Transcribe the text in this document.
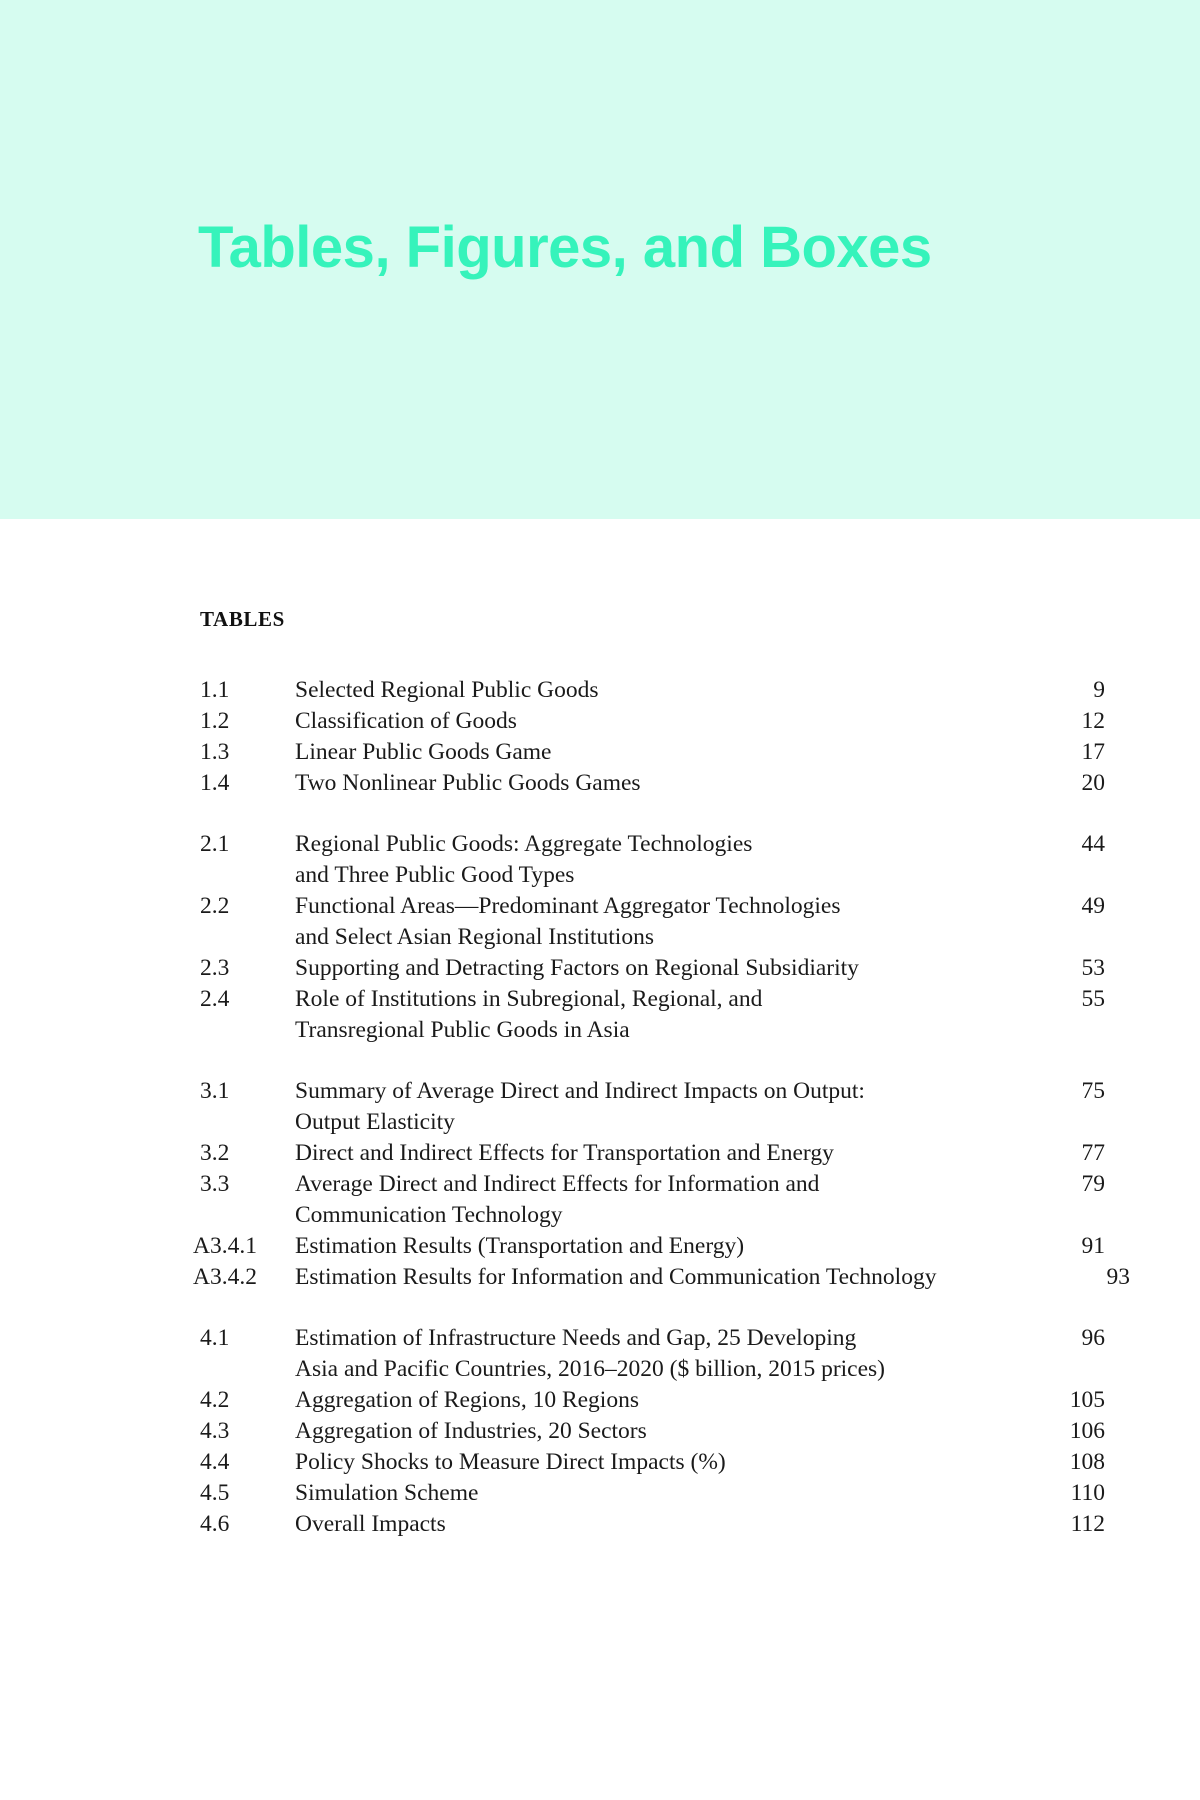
Tables, Figures, and Boxes
TABLES
1.1	Selected Regional Public Goods	9
1.2	Classification of Goods	12
1.3	Linear Public Goods Game	17
1.4	Two Nonlinear Public Goods Games	20
2.1	Regional Public Goods: Aggregate Technologies	44
and Three Public Good Types
2.2	Functional Areas—Predominant Aggregator Technologies	49
and Select Asian Regional Institutions
2.3	Supporting and Detracting Factors on Regional Subsidiarity	53
2.4	Role of Institutions in Subregional, Regional, and	55
Transregional Public Goods in Asia
3.1	Summary of Average Direct and Indirect Impacts on Output:	75
Output Elasticity
3.2	Direct and Indirect Effects for Transportation and Energy	77
3.3	Average Direct and Indirect Effects for Information and	79
Communication Technology
A3.4.1	Estimation Results (Transportation and Energy)	91
A3.4.2	Estimation Results for Information and Communication Technology	93
4.1	Estimation of Infrastructure Needs and Gap, 25 Developing	96
Asia and Pacific Countries, 2016–2020 ($ billion, 2015 prices)
4.2	Aggregation of Regions, 10 Regions	105
4.3	Aggregation of Industries, 20 Sectors	106
4.4	Policy Shocks to Measure Direct Impacts (%)	108
4.5	Simulation Scheme	110
4.6	Overall Impacts	112
